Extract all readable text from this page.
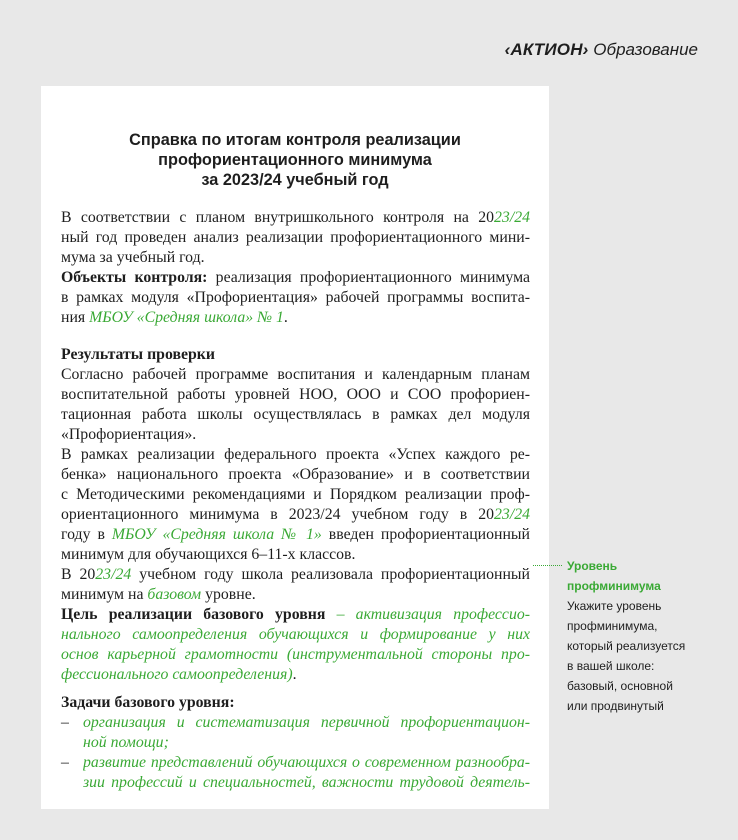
‹АКТИОН› Образование
Справка по итогам контроля реализации
профориентационного минимума
за 2023/24 учебный год
В соответствии с планом внутришкольного контроля на 2023/24
ный год проведен анализ реализации профориентационного мини-
мума за учебный год.
Объекты контроля: реализация профориентационного минимума
в рамках модуля «Профориентация» рабочей программы воспита-
ния МБОУ «Средняя школа» № 1.
Результаты проверки
Согласно рабочей программе воспитания и календарным планам
воспитательной работы уровней НОО, ООО и СОО профориен-
тационная работа школы осуществлялась в рамках дел модуля
«Профориентация».
В рамках реализации федерального проекта «Успех каждого ре-
бенка» национального проекта «Образование» и в соответствии
с Методическими рекомендациями и Порядком реализации проф-
ориентационного минимума в 2023/24 учебном году в 2023/24
году в МБОУ «Средняя школа № 1» введен профориентационный
минимум для обучающихся 6–11-х классов.
В 2023/24 учебном году школа реализовала профориентационный
минимум на базовом уровне.
Цель реализации базового уровня – активизация профессио-
нального самоопределения обучающихся и формирование у них
основ карьерной грамотности (инструментальной стороны про-
фессионального самоопределения).
Задачи базового уровня:
– организация и систематизация первичной профориентацион-
ной помощи;
– развитие представлений обучающихся о современном разнообра-
зии профессий и специальностей, важности трудовой деятель-
Уровень
профминимума
Укажите уровень
профминимума,
который реализуется
в вашей школе:
базовый, основной
или продвинутый
